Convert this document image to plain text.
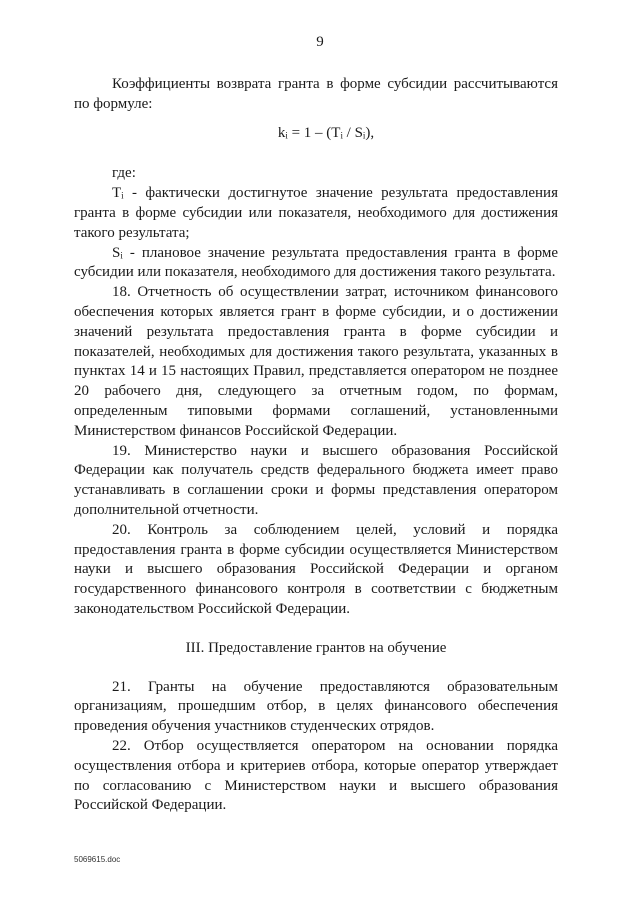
9

Коэффициенты возврата гранта в форме субсидии рассчитываются по формуле:

kᵢ = 1 – (Tᵢ / Sᵢ),

где:

Tᵢ - фактически достигнутое значение результата предоставления гранта в форме субсидии или показателя, необходимого для достижения такого результата;

Sᵢ - плановое значение результата предоставления гранта в форме субсидии или показателя, необходимого для достижения такого результата.

18. Отчетность об осуществлении затрат, источником финансового обеспечения которых является грант в форме субсидии, и о достижении значений результата предоставления гранта в форме субсидии и показателей, необходимых для достижения такого результата, указанных в пунктах 14 и 15 настоящих Правил, представляется оператором не позднее 20 рабочего дня, следующего за отчетным годом, по формам, определенным типовыми формами соглашений, установленными Министерством финансов Российской Федерации.

19. Министерство науки и высшего образования Российской Федерации как получатель средств федерального бюджета имеет право устанавливать в соглашении сроки и формы представления оператором дополнительной отчетности.

20. Контроль за соблюдением целей, условий и порядка предоставления гранта в форме субсидии осуществляется Министерством науки и высшего образования Российской Федерации и органом государственного финансового контроля в соответствии с бюджетным законодательством Российской Федерации.

III. Предоставление грантов на обучение

21. Гранты на обучение предоставляются образовательным организациям, прошедшим отбор, в целях финансового обеспечения проведения обучения участников студенческих отрядов.

22. Отбор осуществляется оператором на основании порядка осуществления отбора и критериев отбора, которые оператор утверждает по согласованию с Министерством науки и высшего образования Российской Федерации.

5069615.doc
